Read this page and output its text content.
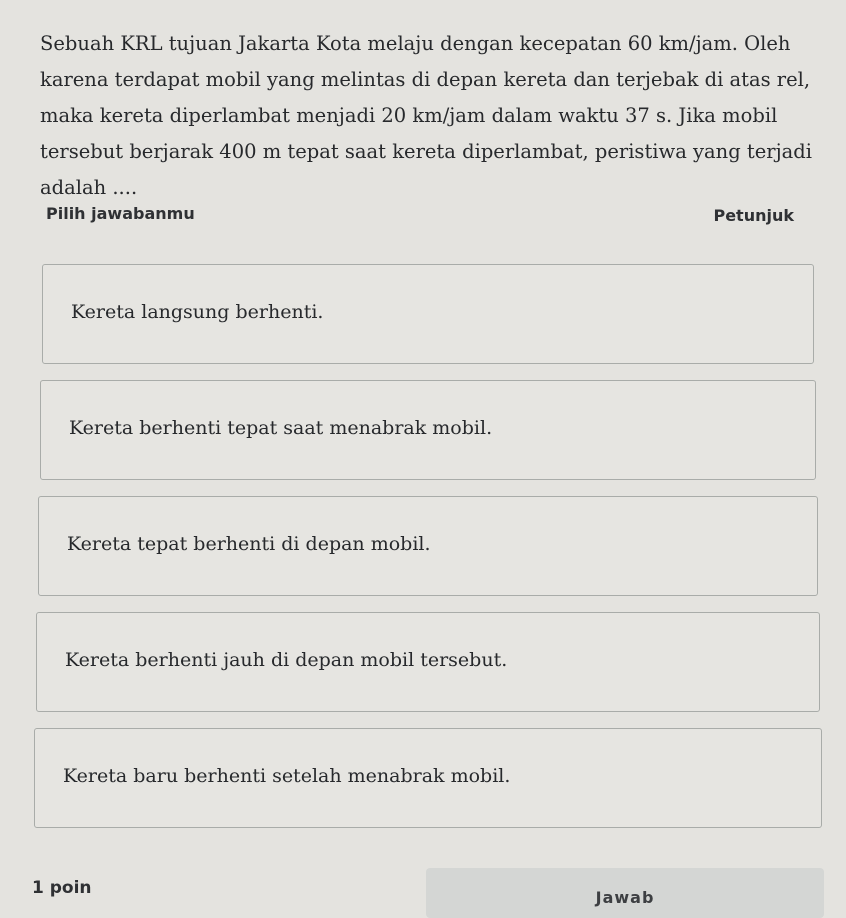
Sebuah KRL tujuan Jakarta Kota melaju dengan kecepatan 60 km/jam. Oleh karena terdapat mobil yang melintas di depan kereta dan terjebak di atas rel, maka kereta diperlambat menjadi 20 km/jam dalam waktu 37 s. Jika mobil tersebut berjarak 400 m tepat saat kereta diperlambat, peristiwa yang terjadi adalah ....
Pilih jawabanmu	Petunjuk
Kereta langsung berhenti.
Kereta berhenti tepat saat menabrak mobil.
Kereta tepat berhenti di depan mobil.
Kereta berhenti jauh di depan mobil tersebut.
Kereta baru berhenti setelah menabrak mobil.
1 poin	Jawab
